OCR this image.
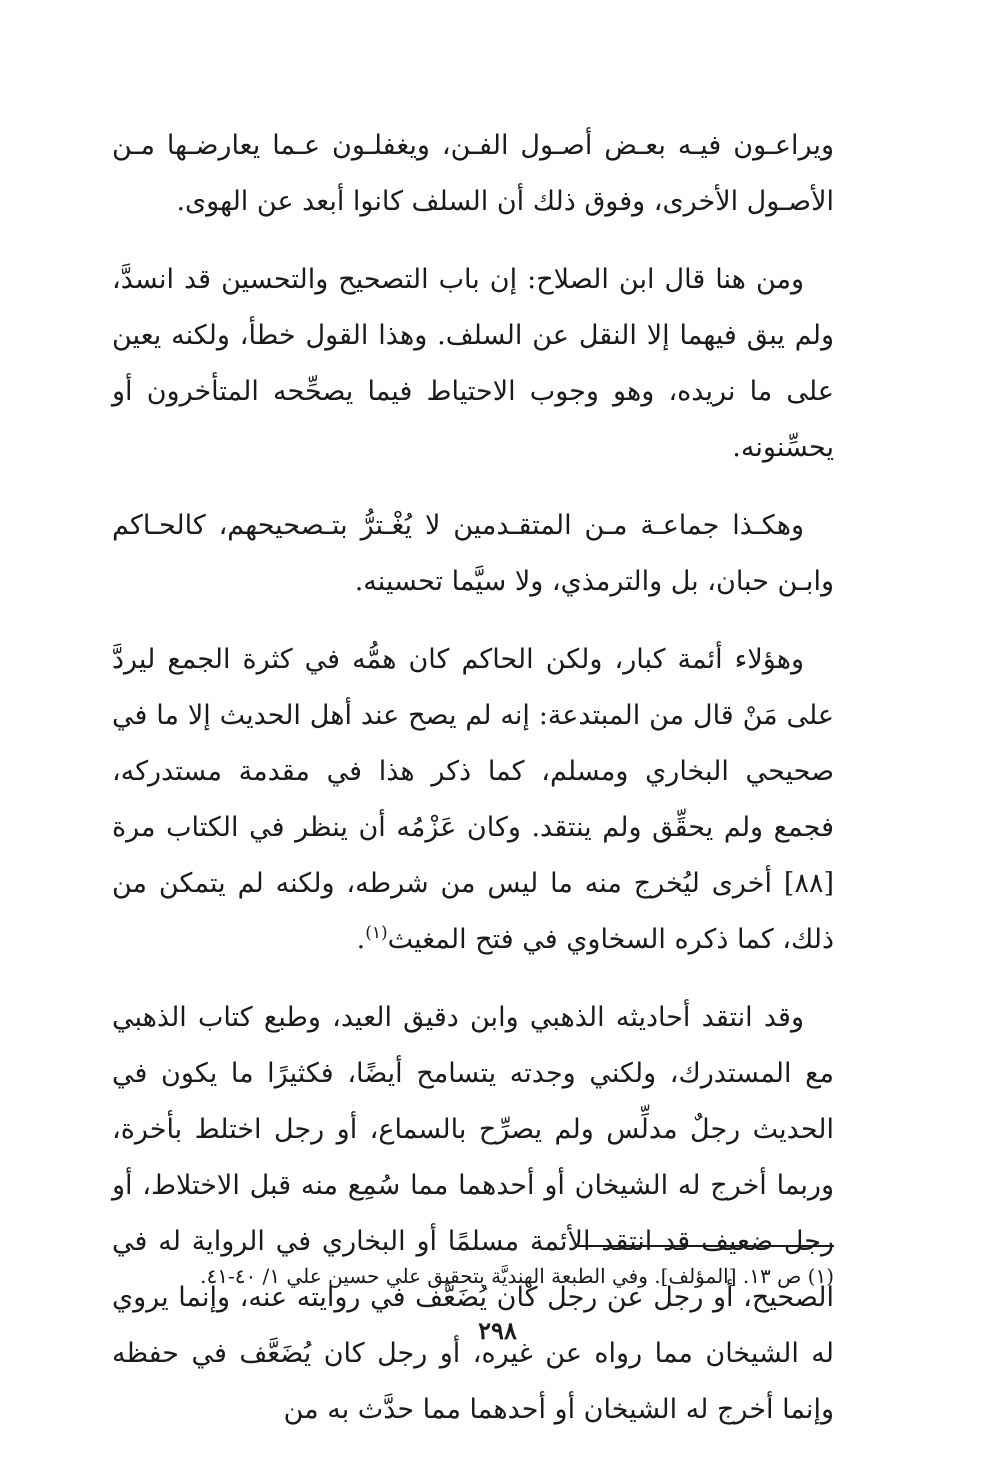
ويراعـون فيـه بعـض أصـول الفـن، ويغفلـون عـما يعارضـها مـن الأصـول الأخرى، وفوق ذلك أن السلف كانوا أبعد عن الهوى.

ومن هنا قال ابن الصلاح: إن باب التصحيح والتحسين قد انسدَّ، ولم يبق فيهما إلا النقل عن السلف. وهذا القول خطأ، ولكنه يعين على ما نريده، وهو وجوب الاحتياط فيما يصحِّحه المتأخرون أو يحسِّنونه.

وهكـذا جماعـة مـن المتقـدمين لا يُغْـترُّ بتـصحيحهم، كالحـاكم وابـن حبان، بل والترمذي، ولا سيَّما تحسينه.

وهؤلاء أئمة كبار، ولكن الحاكم كان همُّه في كثرة الجمع ليردَّ على مَنْ قال من المبتدعة: إنه لم يصح عند أهل الحديث إلا ما في صحيحي البخاري ومسلم، كما ذكر هذا في مقدمة مستدركه، فجمع ولم يحقِّق ولم ينتقد. وكان عَزْمُه أن ينظر في الكتاب مرة [٨٨] أخرى ليُخرج منه ما ليس من شرطه، ولكنه لم يتمكن من ذلك، كما ذكره السخاوي في فتح المغيث$^{(١)}$.

وقد انتقد أحاديثه الذهبي وابن دقيق العيد، وطبع كتاب الذهبي مع المستدرك، ولكني وجدته يتسامح أيضًا، فكثيرًا ما يكون في الحديث رجلٌ مدلِّس ولم يصرِّح بالسماع، أو رجل اختلط بأخرة، وربما أخرج له الشيخان أو أحدهما مما سُمِع منه قبل الاختلاط، أو رجل ضعيف قد انتقد الأئمة مسلمًا أو البخاري في الرواية له في الصحيح، أو رجل عن رجل كان يُضَعَّف في روايته عنه، وإنما يروي له الشيخان مما رواه عن غيره، أو رجل كان يُضَعَّف في حفظه وإنما أخرج له الشيخان أو أحدهما مما حدَّث به من

(١) ص ١٣. [المؤلف]. وفي الطبعة الهنديَّة بتحقيق علي حسين علي ١/ ٤٠-٤١.

٢٩٨
